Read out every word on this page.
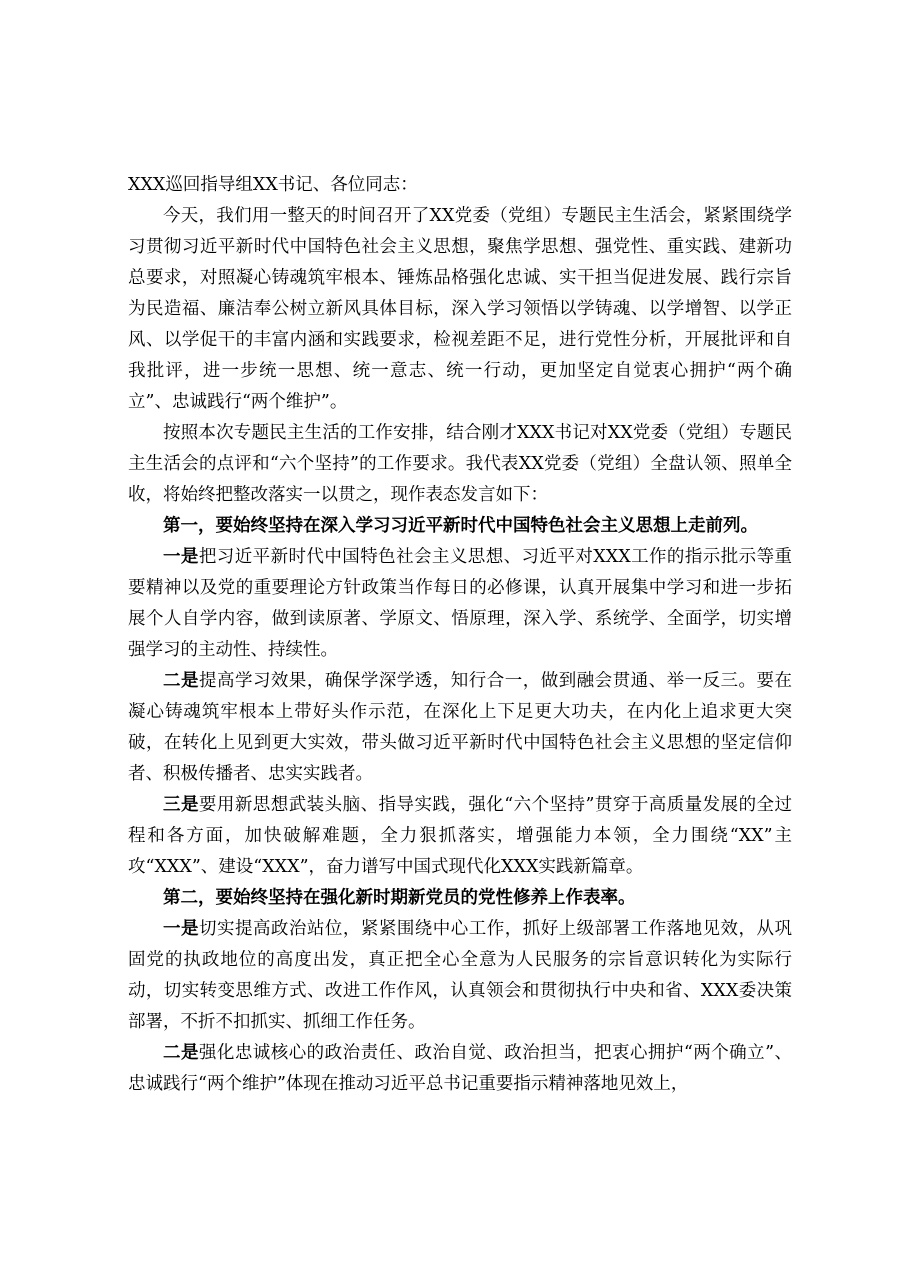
XXX巡回指导组XX书记、各位同志：

今天，我们用一整天的时间召开了XX党委（党组）专题民主生活会，紧紧围绕学习贯彻习近平新时代中国特色社会主义思想，聚焦学思想、强党性、重实践、建新功总要求，对照凝心铸魂筑牢根本、锤炼品格强化忠诚、实干担当促进发展、践行宗旨为民造福、廉洁奉公树立新风具体目标，深入学习领悟以学铸魂、以学增智、以学正风、以学促干的丰富内涵和实践要求，检视差距不足，进行党性分析，开展批评和自我批评，进一步统一思想、统一意志、统一行动，更加坚定自觉衷心拥护“两个确立”、忠诚践行“两个维护”。

按照本次专题民主生活的工作安排，结合刚才XXX书记对XX党委（党组）专题民主生活会的点评和“六个坚持”的工作要求。我代表XX党委（党组）全盘认领、照单全收，将始终把整改落实一以贯之，现作表态发言如下：

第一，要始终坚持在深入学习习近平新时代中国特色社会主义思想上走前列。

一是把习近平新时代中国特色社会主义思想、习近平对XXX工作的指示批示等重要精神以及党的重要理论方针政策当作每日的必修课，认真开展集中学习和进一步拓展个人自学内容，做到读原著、学原文、悟原理，深入学、系统学、全面学，切实增强学习的主动性、持续性。

二是提高学习效果，确保学深学透，知行合一，做到融会贯通、举一反三。要在凝心铸魂筑牢根本上带好头作示范，在深化上下足更大功夫，在内化上追求更大突破，在转化上见到更大实效，带头做习近平新时代中国特色社会主义思想的坚定信仰者、积极传播者、忠实实践者。

三是要用新思想武装头脑、指导实践，强化“六个坚持”贯穿于高质量发展的全过程和各方面，加快破解难题，全力狠抓落实，增强能力本领，全力围绕“XX”主攻“XXX”、建设“XXX”，奋力谱写中国式现代化XXX实践新篇章。

第二，要始终坚持在强化新时期新党员的党性修养上作表率。

一是切实提高政治站位，紧紧围绕中心工作，抓好上级部署工作落地见效，从巩固党的执政地位的高度出发，真正把全心全意为人民服务的宗旨意识转化为实际行动，切实转变思维方式、改进工作作风，认真领会和贯彻执行中央和省、XXX委决策部署，不折不扣抓实、抓细工作任务。

二是强化忠诚核心的政治责任、政治自觉、政治担当，把衷心拥护“两个确立”、忠诚践行“两个维护”体现在推动习近平总书记重要指示精神落地见效上，
